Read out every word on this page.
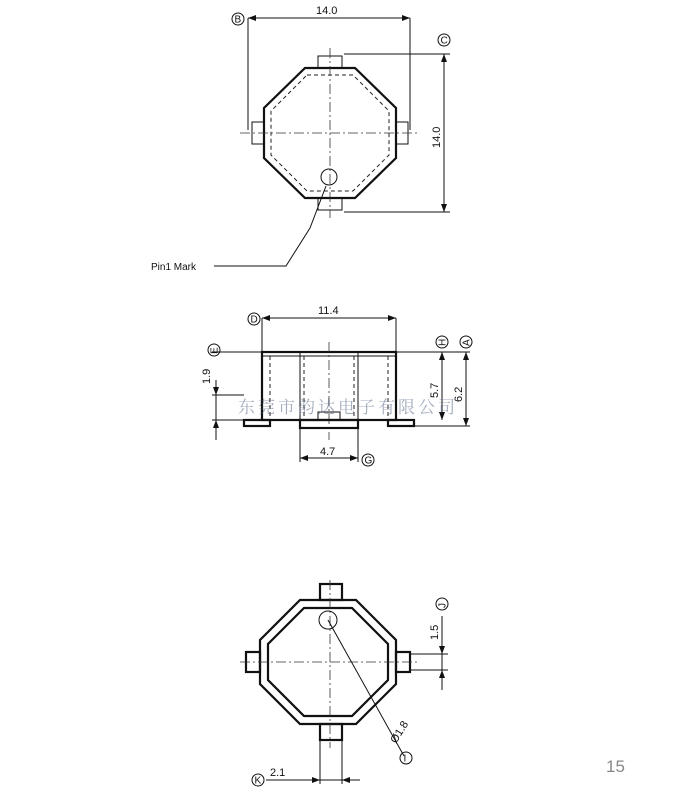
14.0
B
14.0
C
Pin1 Mark
11.4
D
1.9
E
5.7 6.2
H A
4.7
G
东莞市韵达电子有限公司
Ø1.8
I
1.5
J
2.1
K
15
